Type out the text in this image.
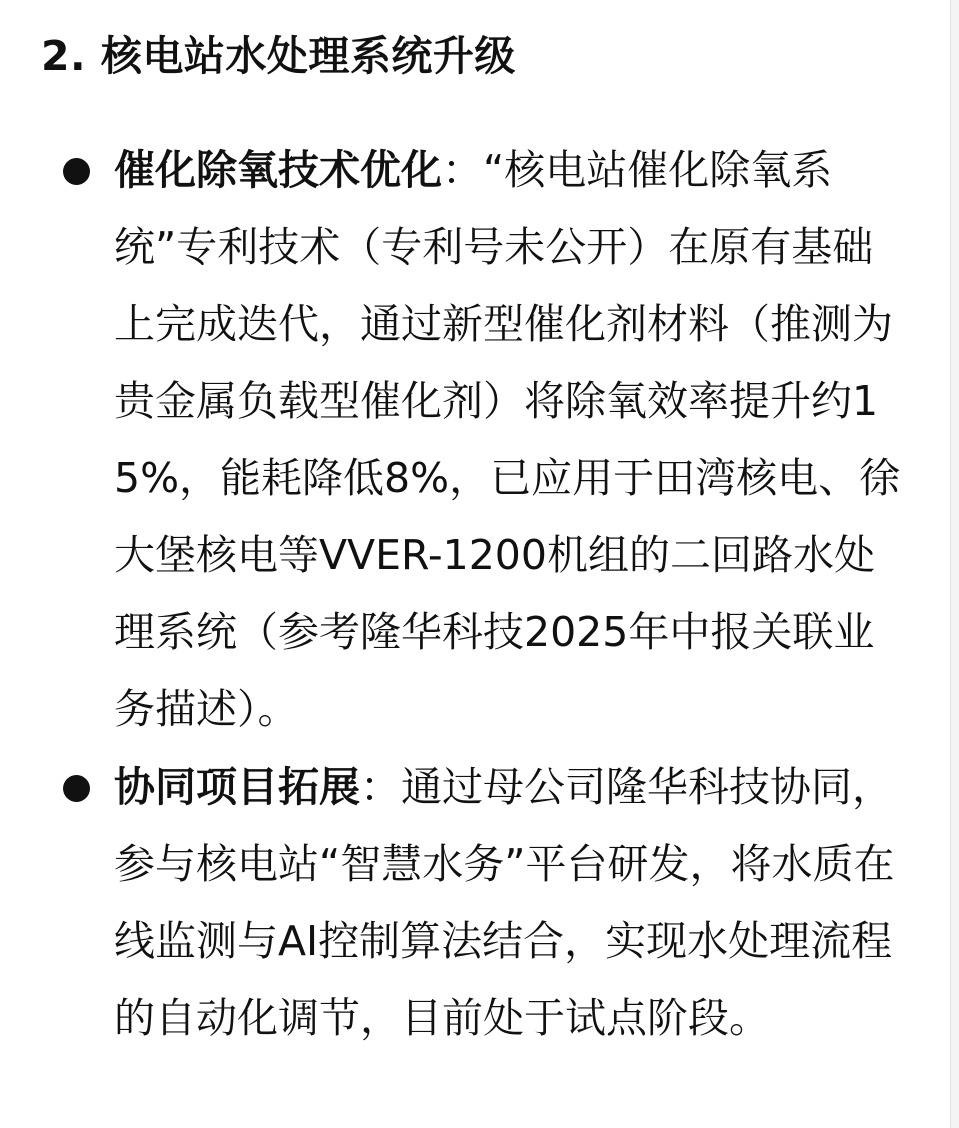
2. 核电站水处理系统升级
催化除氧技术优化：“核电站催化除氧系统”专利技术（专利号未公开）在原有基础上完成迭代，通过新型催化剂材料（推测为贵金属负载型催化剂）将除氧效率提升约15%，能耗降低8%，已应用于田湾核电、徐大堡核电等VVER-1200机组的二回路水处理系统（参考隆华科技2025年中报关联业务描述）。
协同项目拓展：通过母公司隆华科技协同，参与核电站“智慧水务”平台研发，将水质在线监测与AI控制算法结合，实现水处理流程的自动化调节，目前处于试点阶段。
